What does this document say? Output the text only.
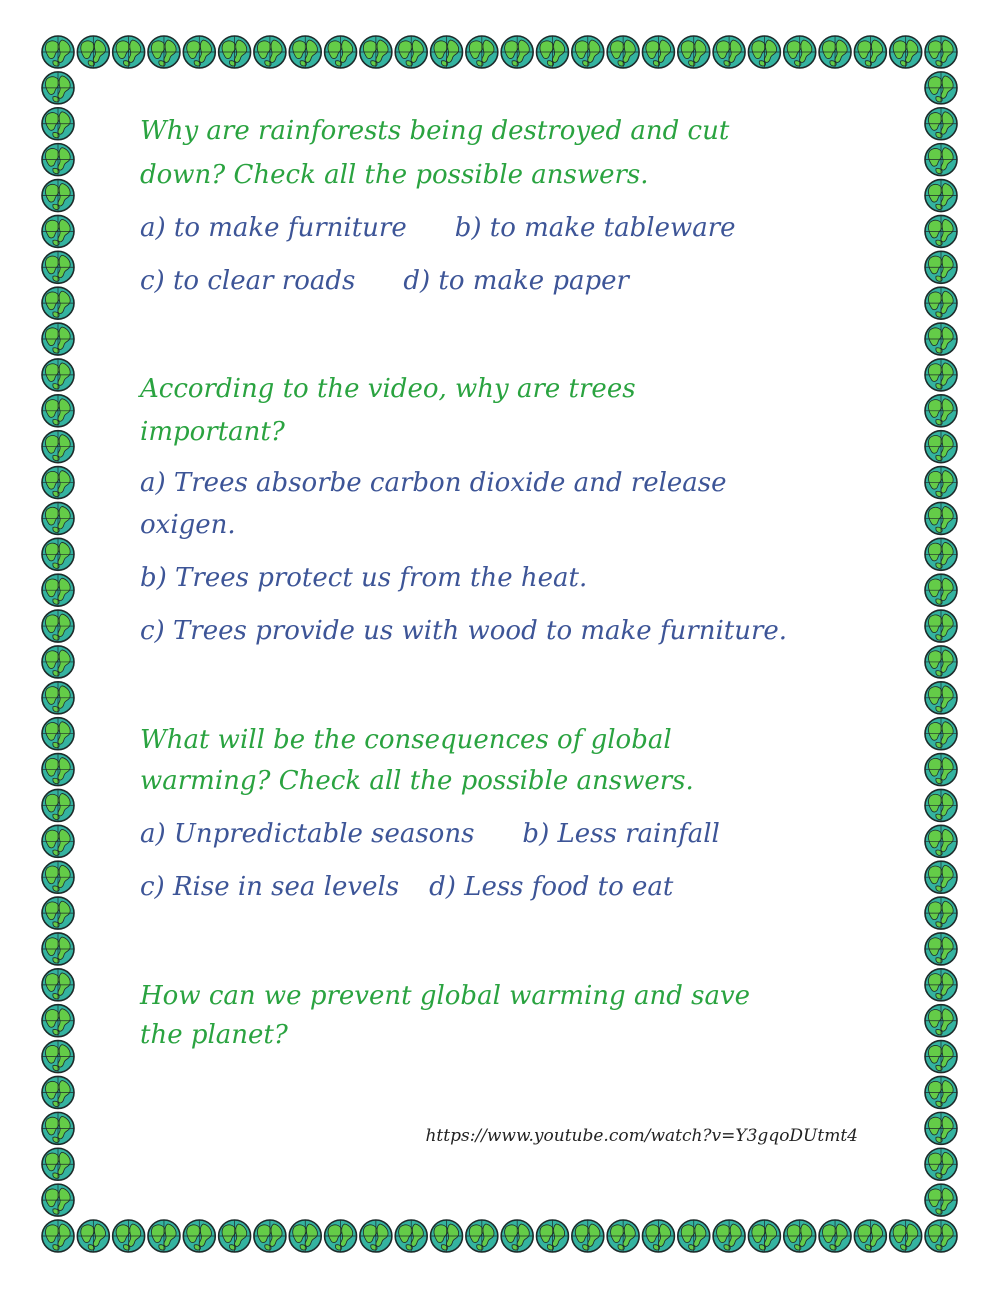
Why are rainforests being destroyed and cut
down? Check all the possible answers.
a) to make furniture b) to make tableware
c) to clear roads d) to make paper
According to the video, why are trees
important?
a) Trees absorbe carbon dioxide and release
oxigen.
b) Trees protect us from the heat.
c) Trees provide us with wood to make furniture.
What will be the consequences of global
warming? Check all the possible answers.
a) Unpredictable seasons b) Less rainfall
c) Rise in sea levels d) Less food to eat
How can we prevent global warming and save
the planet?
https://www.youtube.com/watch?v=Y3gqoDUtmt4
